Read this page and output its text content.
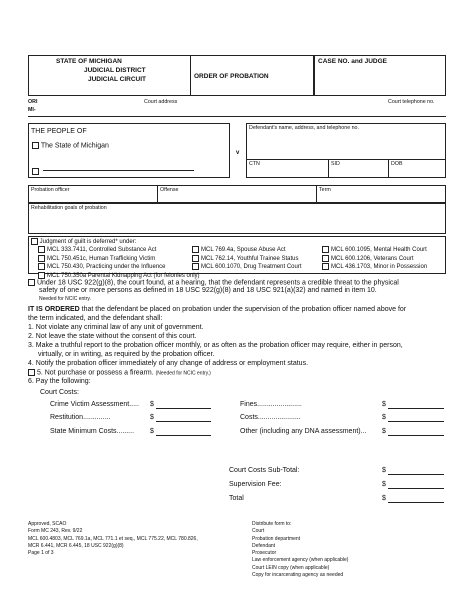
STATE OF MICHIGAN
JUDICIAL DISTRICT
JUDICIAL CIRCUIT	ORDER OF PROBATION
CASE NO. and JUDGE
ORI
MI-
Court address	Court telephone no.
THE PEOPLE OF
The State of Michigan
v
Defendant's name, address, and telephone no.
CTN	SID	DOB
Probation officer	Offense	Term
Rehabilitation goals of probation
Judgment of guilt is deferred* under:
MCL 333.7411, Controlled Substance Act
MCL 750.451c, Human Trafficking Victim
MCL 750.430, Practicing under the Influence
MCL 750.350a Parental Kidnapping Act (for felonies only)
MCL 769.4a, Spouse Abuse Act
MCL 762.14, Youthful Trainee Status
MCL 600.1070, Drug Treatment Court
MCL 600.1095, Mental Health Court
MCL 600.1206, Veterans Court
MCL 436.1703, Minor in Possession
Under 18 USC 922(g)(8), the court found, at a hearing, that the defendant represents a credible threat to the physical
safety of one or more persons as defined in 18 USC 922(g)(8) and 18 USC 921(a)(32) and named in item 10.
Needed for NCIC entry.
IT IS ORDERED that the defendant be placed on probation under the supervision of the probation officer named above for
the term indicated, and the defendant shall:
1. Not violate any criminal law of any unit of government.
2. Not leave the state without the consent of this court.
3. Make a truthful report to the probation officer monthly, or as often as the probation officer may require, either in person,
virtually, or in writing, as required by the probation officer.
4. Notify the probation officer immediately of any change of address or employment status.
5. Not purchase or possess a firearm. (Needed for NCIC entry.)
6. Pay the following:
Court Costs:
Crime Victim Assessment..... $
Restitution..............	$
State Minimum Costs......... $
Fines.......................	$
Costs......................	$
Other (including any DNA assessment)... $
Court Costs Sub-Total:	$
Supervision Fee:	$
Total	$
Approved, SCAO
Form MC 243, Rev. 9/22
MCL 600.4803, MCL 769.1a, MCL 771.1 et seq., MCL 775.22, MCL 780.826,
MCR 6.441, MCR 6.445, 18 USC 922(g)(8)
Page 1 of 3
Distribute form to:
Court
Probation department
Defendant
Prosecutor
Law enforcement agency (when applicable)
Court LEIN copy (when applicable)
Copy for incarcerating agency as needed
